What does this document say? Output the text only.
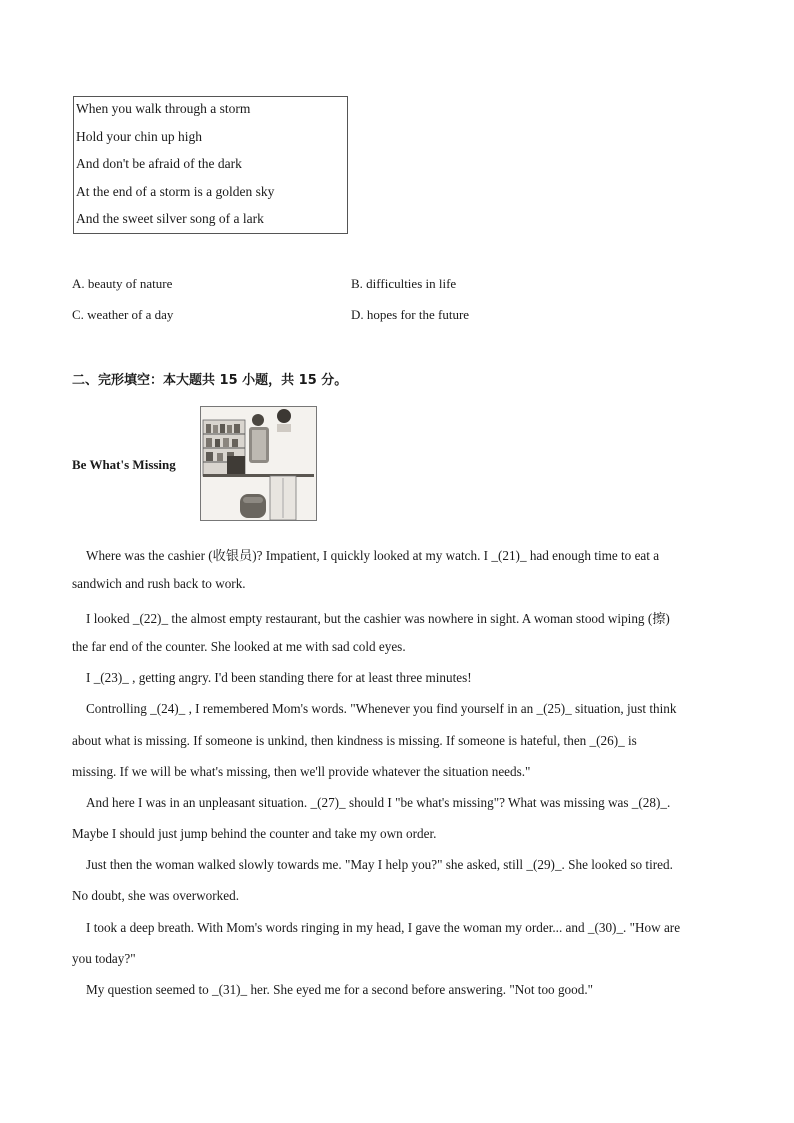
When you walk through a storm
Hold your chin up high
And don't be afraid of the dark
At the end of a storm is a golden sky
And the sweet silver song of a lark
A. beauty of nature	B. difficulties in life
C. weather of a day	D. hopes for the future
二、完形填空：本大题共 15 小题，共 15 分。
Be What's Missing
Where was the cashier (收银员)? Impatient, I quickly looked at my watch. I _(21)_ had enough time to eat a
sandwich and rush back to work.
I looked _(22)_ the almost empty restaurant, but the cashier was nowhere in sight. A woman stood wiping (擦)
the far end of the counter. She looked at me with sad cold eyes.
I _(23)_ , getting angry. I'd been standing there for at least three minutes!
Controlling _(24)_ , I remembered Mom's words. "Whenever you find yourself in an _(25)_ situation, just think
about what is missing. If someone is unkind, then kindness is missing. If someone is hateful, then _(26)_ is
missing. If we will be what's missing, then we'll provide whatever the situation needs."
And here I was in an unpleasant situation. _(27)_ should I "be what's missing"? What was missing was _(28)_.
Maybe I should just jump behind the counter and take my own order.
Just then the woman walked slowly towards me. "May I help you?" she asked, still _(29)_. She looked so tired.
No doubt, she was overworked.
I took a deep breath. With Mom's words ringing in my head, I gave the woman my order... and _(30)_. "How are
you today?"
My question seemed to _(31)_ her. She eyed me for a second before answering. "Not too good."
